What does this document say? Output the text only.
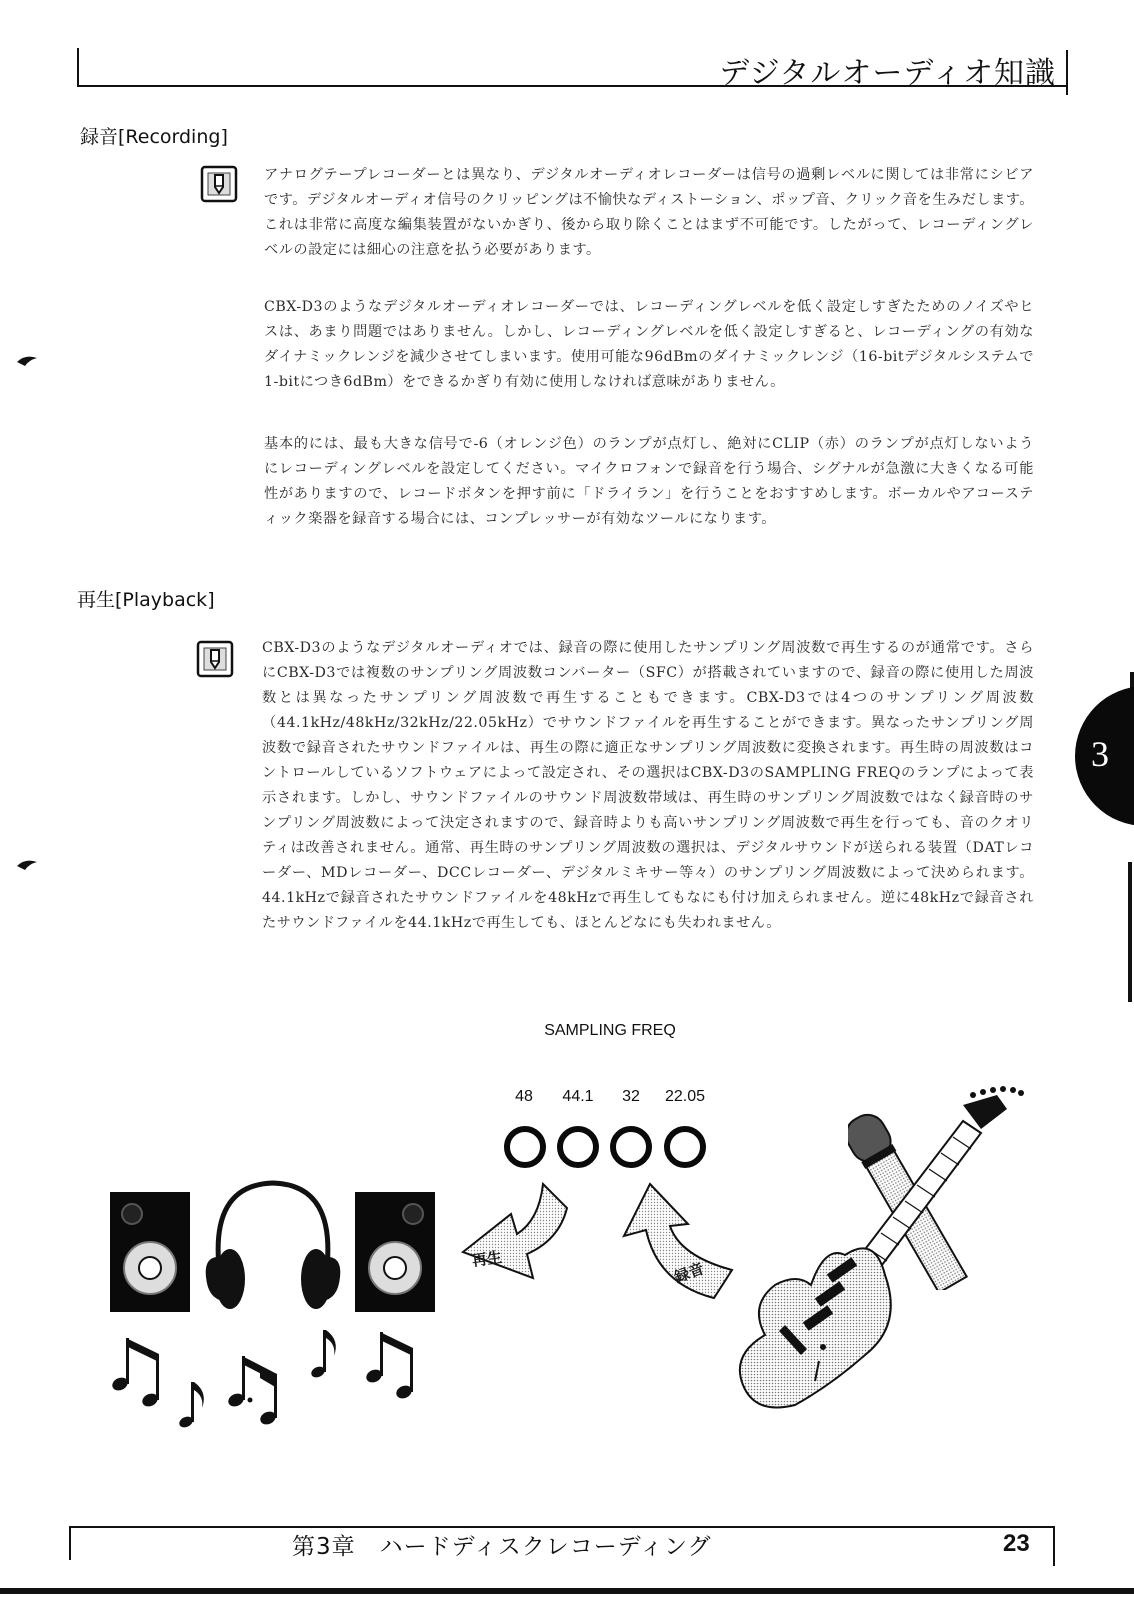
デジタルオーディオ知識
録音[Recording]
アナログテープレコーダーとは異なり、デジタルオーディオレコーダーは信号の過剰レベルに関しては非常にシビアです。デジタルオーディオ信号のクリッピングは不愉快なディストーション、ポップ音、クリック音を生みだします。これは非常に高度な編集装置がないかぎり、後から取り除くことはまず不可能です。したがって、レコーディングレベルの設定には細心の注意を払う必要があります。
CBX-D3のようなデジタルオーディオレコーダーでは、レコーディングレベルを低く設定しすぎたためのノイズやヒスは、あまり問題ではありません。しかし、レコーディングレベルを低く設定しすぎると、レコーディングの有効なダイナミックレンジを減少させてしまいます。使用可能な96dBmのダイナミックレンジ（16-bitデジタルシステムで1-bitにつき6dBm）をできるかぎり有効に使用しなければ意味がありません。
基本的には、最も大きな信号で-6（オレンジ色）のランプが点灯し、絶対にCLIP（赤）のランプが点灯しないようにレコーディングレベルを設定してください。マイクロフォンで録音を行う場合、シグナルが急激に大きくなる可能性がありますので、レコードボタンを押す前に「ドライラン」を行うことをおすすめします。ボーカルやアコースティック楽器を録音する場合には、コンプレッサーが有効なツールになります。
再生[Playback]
CBX-D3のようなデジタルオーディオでは、録音の際に使用したサンプリング周波数で再生するのが通常です。さらにCBX-D3では複数のサンプリング周波数コンバーター（SFC）が搭載されていますので、録音の際に使用した周波数とは異なったサンプリング周波数で再生することもできます。CBX-D3では4つのサンプリング周波数（44.1kHz/48kHz/32kHz/22.05kHz）でサウンドファイルを再生することができます。異なったサンプリング周波数で録音されたサウンドファイルは、再生の際に適正なサンプリング周波数に変換されます。再生時の周波数はコントロールしているソフトウェアによって設定され、その選択はCBX-D3のSAMPLING FREQのランプによって表示されます。しかし、サウンドファイルのサウンド周波数帯域は、再生時のサンプリング周波数ではなく録音時のサンプリング周波数によって決定されますので、録音時よりも高いサンプリング周波数で再生を行っても、音のクオリティは改善されません。通常、再生時のサンプリング周波数の選択は、デジタルサウンドが送られる装置（DATレコーダー、MDレコーダー、DCCレコーダー、デジタルミキサー等々）のサンプリング周波数によって決められます。44.1kHzで録音されたサウンドファイルを48kHzで再生してもなにも付け加えられません。逆に48kHzで録音されたサウンドファイルを44.1kHzで再生しても、ほとんどなにも失われません。
3
SAMPLING FREQ
48	44.1	32	22.05
再生
録音
第3章　ハードディスクレコーディング	23
